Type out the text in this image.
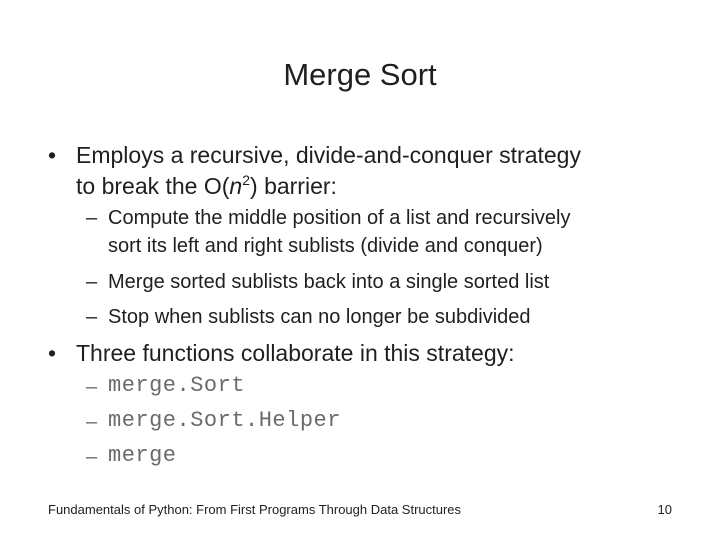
Merge Sort
• Employs a recursive, divide-and-conquer strategy
to break the $O(n^2)$ barrier:
– Compute the middle position of a list and recursively
sort its left and right sublists (divide and conquer)
– Merge sorted sublists back into a single sorted list
– Stop when sublists can no longer be subdivided
• Three functions collaborate in this strategy:
– merge.Sort
– merge.Sort.Helper
– merge
Fundamentals of Python: From First Programs Through Data Structures	10
